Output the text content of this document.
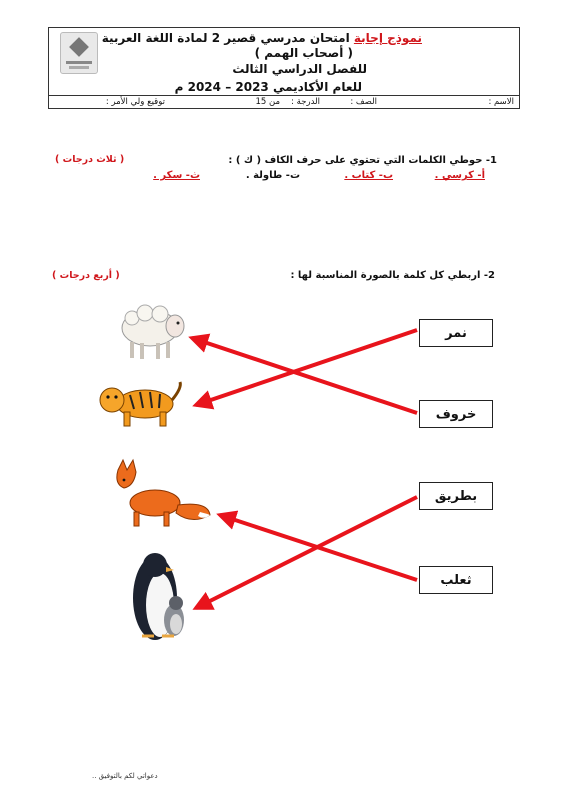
نموذج إجابة امتحان مدرسي قصير 2 لمادة اللغة العربية
( أصحاب الهمم )
للفصل الدراسي الثالث
للعام الأكاديمي 2023 – 2024 م
الاسم :
الصف :
الدرجة :
من 15
توقيع ولي الأمر :
1- حوطي الكلمات التي تحتوي على حرف الكاف ( ك ) :
( ثلاث درجات )
أ- كرسي .
ب- كتاب .
ت- طاولة .
ث- سكر .
2- اربطي كل كلمة بالصورة المناسبة لها :
( أربع درجات )
نمر
خروف
بطريق
ثعلب
دعواتي لكم بالتوفيق ..
